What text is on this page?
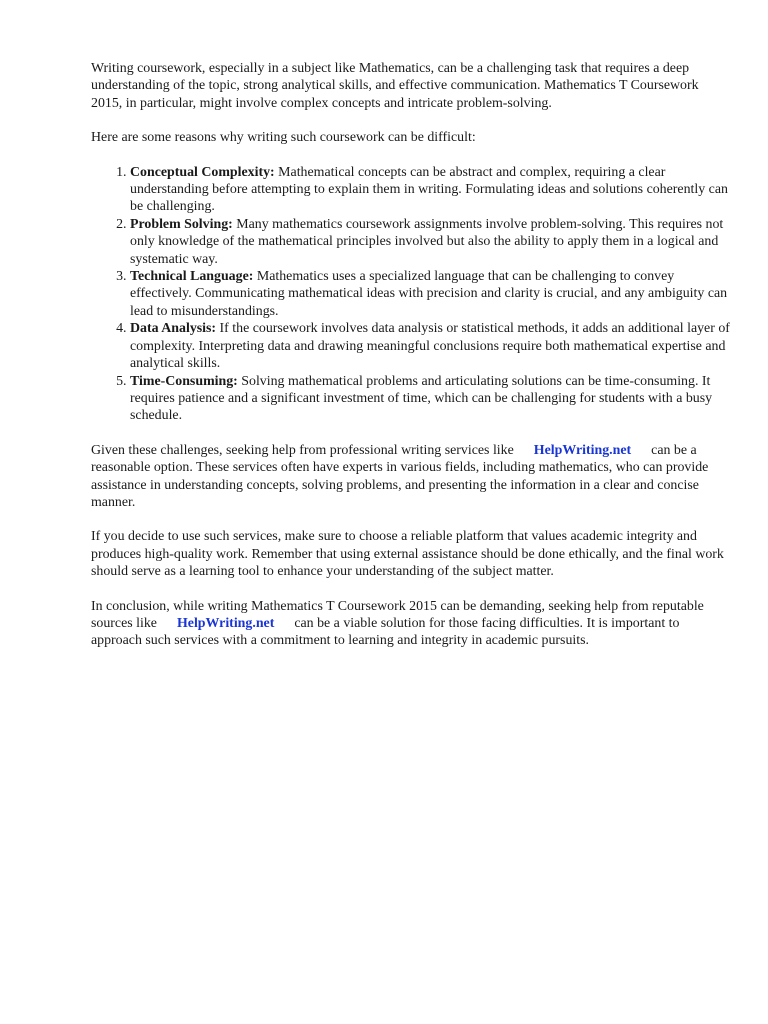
Writing coursework, especially in a subject like Mathematics, can be a challenging task that requires a deep understanding of the topic, strong analytical skills, and effective communication. Mathematics T Coursework 2015, in particular, might involve complex concepts and intricate problem-solving.

Here are some reasons why writing such coursework can be difficult:

1. Conceptual Complexity: Mathematical concepts can be abstract and complex, requiring a clear understanding before attempting to explain them in writing. Formulating ideas and solutions coherently can be challenging.
2. Problem Solving: Many mathematics coursework assignments involve problem-solving. This requires not only knowledge of the mathematical principles involved but also the ability to apply them in a logical and systematic way.
3. Technical Language: Mathematics uses a specialized language that can be challenging to convey effectively. Communicating mathematical ideas with precision and clarity is crucial, and any ambiguity can lead to misunderstandings.
4. Data Analysis: If the coursework involves data analysis or statistical methods, it adds an additional layer of complexity. Interpreting data and drawing meaningful conclusions require both mathematical expertise and analytical skills.
5. Time-Consuming: Solving mathematical problems and articulating solutions can be time-consuming. It requires patience and a significant investment of time, which can be challenging for students with a busy schedule.

Given these challenges, seeking help from professional writing services like HelpWriting.net can be a reasonable option. These services often have experts in various fields, including mathematics, who can provide assistance in understanding concepts, solving problems, and presenting the information in a clear and concise manner.

If you decide to use such services, make sure to choose a reliable platform that values academic integrity and produces high-quality work. Remember that using external assistance should be done ethically, and the final work should serve as a learning tool to enhance your understanding of the subject matter.

In conclusion, while writing Mathematics T Coursework 2015 can be demanding, seeking help from reputable sources like HelpWriting.net can be a viable solution for those facing difficulties. It is important to approach such services with a commitment to learning and integrity in academic pursuits.
